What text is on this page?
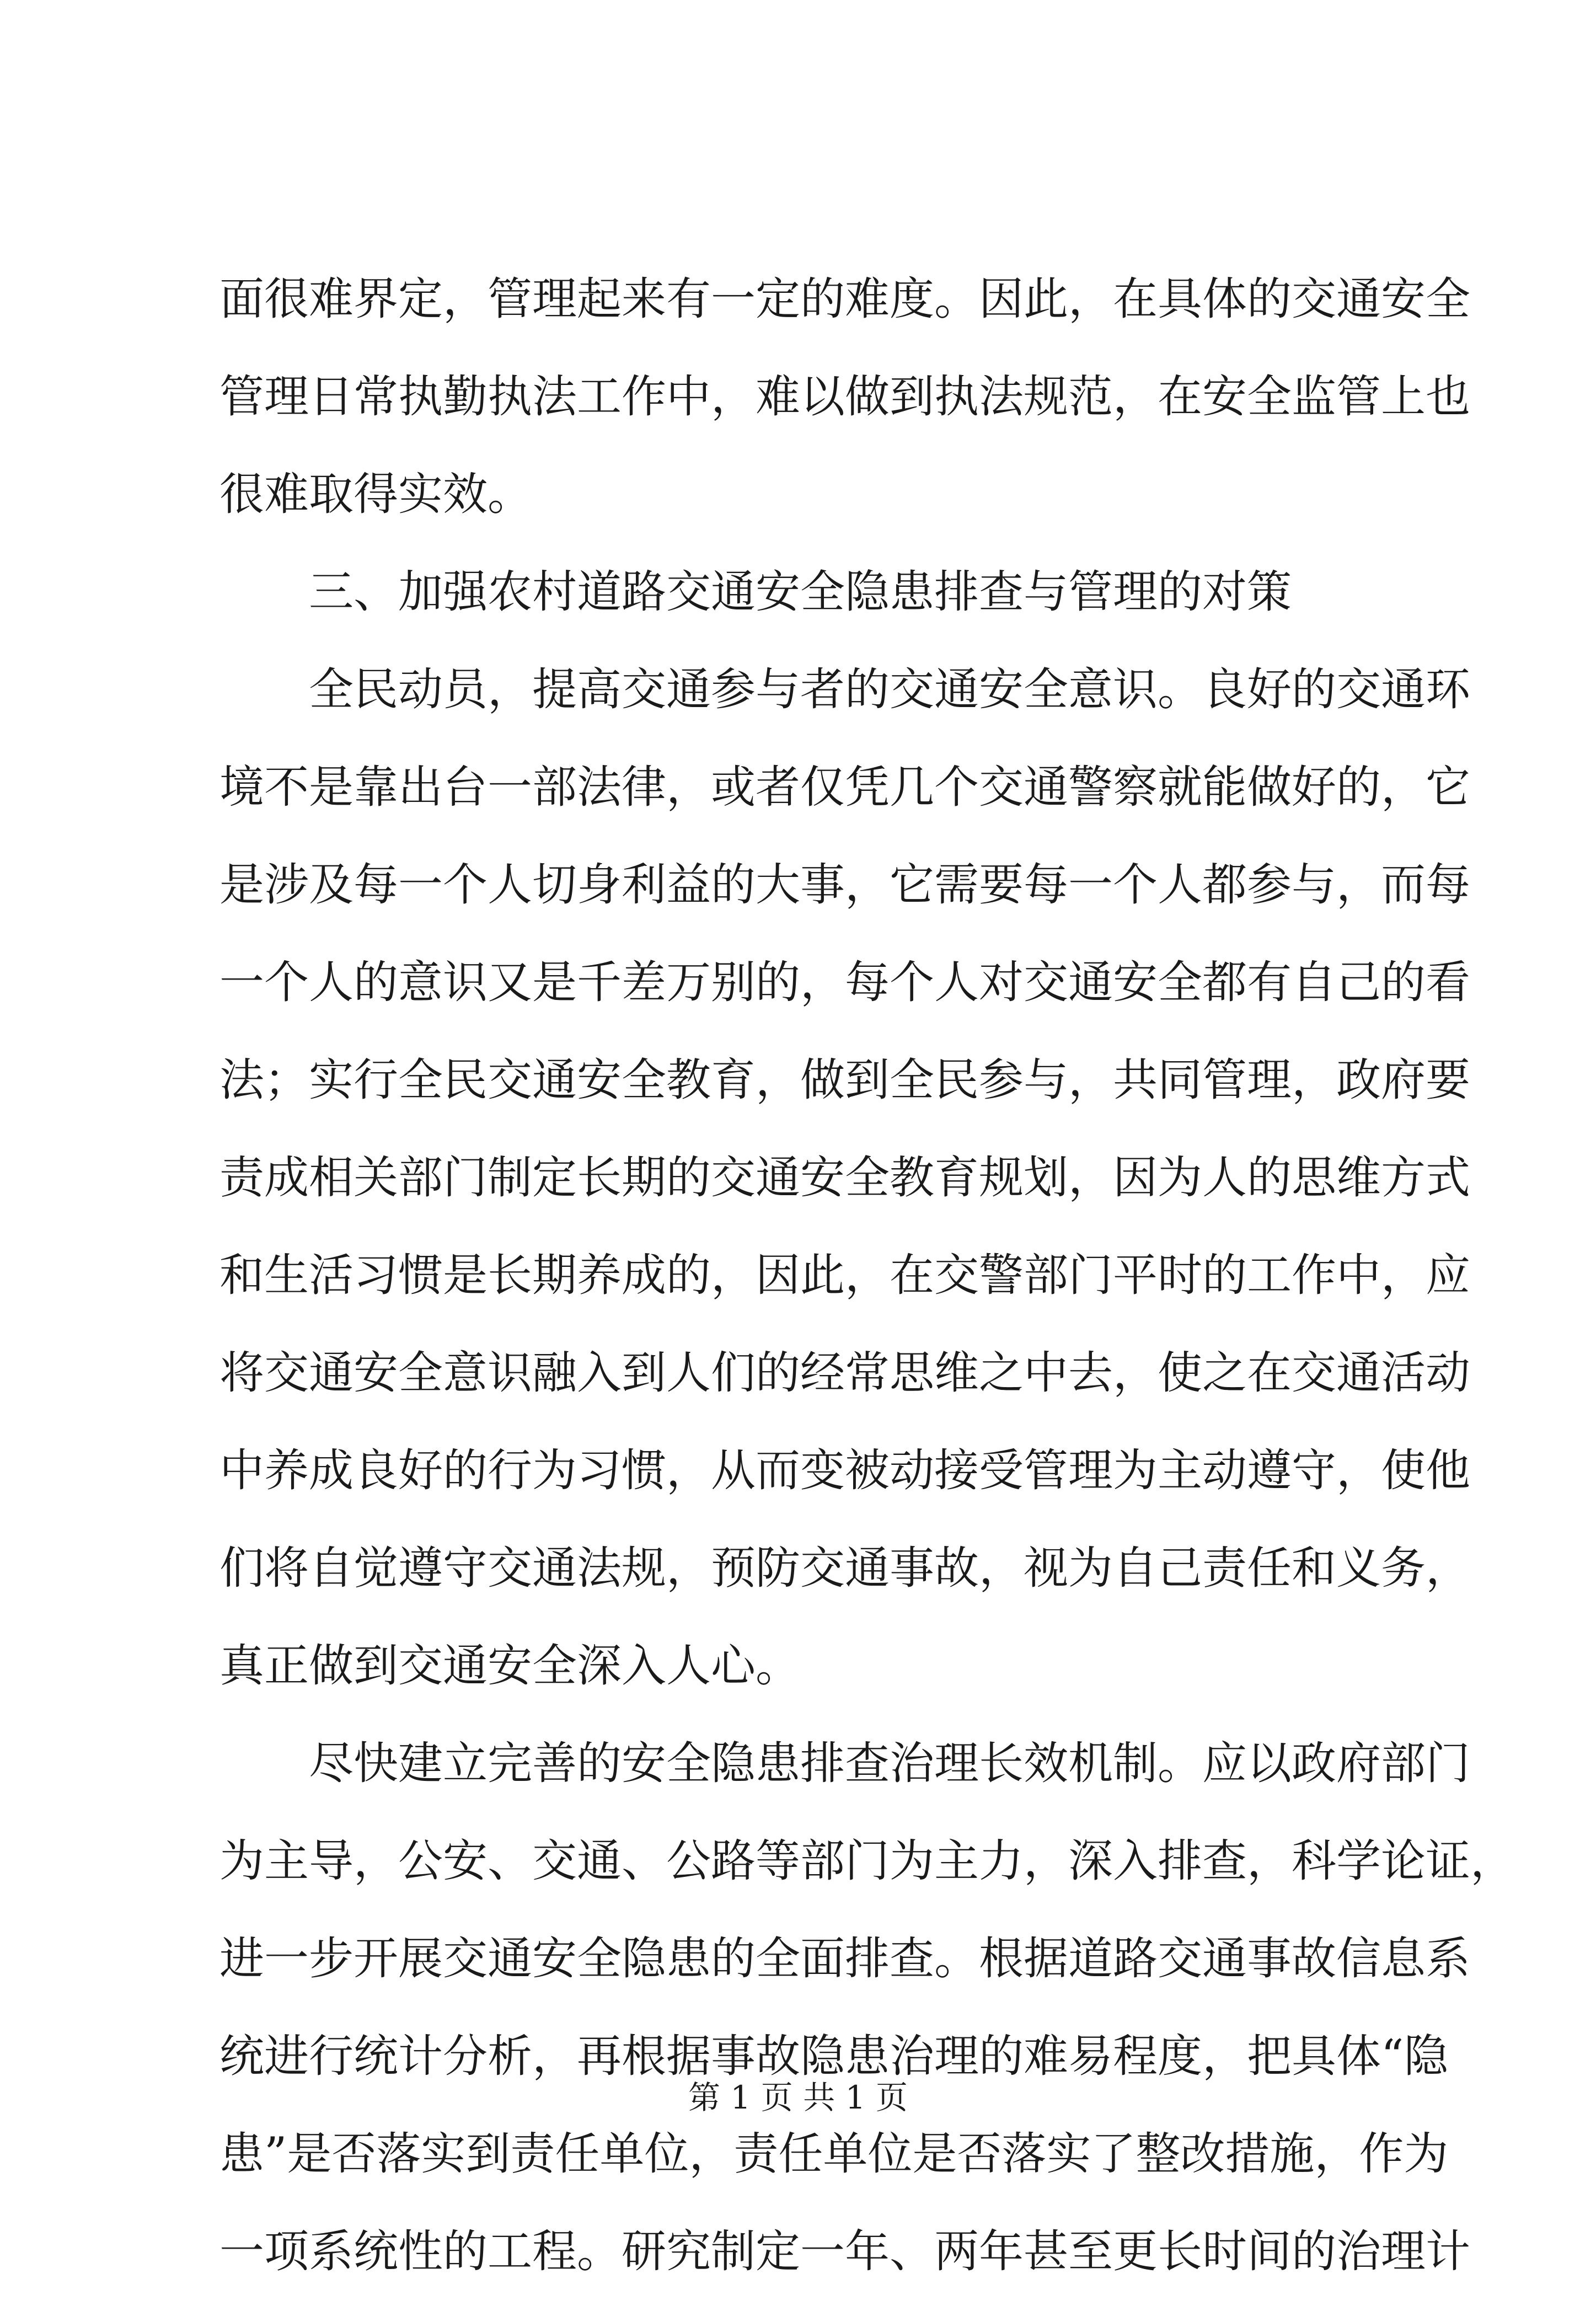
面很难界定，管理起来有一定的难度。因此，在具体的交通安全
管理日常执勤执法工作中，难以做到执法规范，在安全监管上也
很难取得实效。
三、加强农村道路交通安全隐患排查与管理的对策
全民动员，提高交通参与者的交通安全意识。良好的交通环
境不是靠出台一部法律，或者仅凭几个交通警察就能做好的，它
是涉及每一个人切身利益的大事，它需要每一个人都参与，而每
一个人的意识又是千差万别的，每个人对交通安全都有自己的看
法；实行全民交通安全教育，做到全民参与，共同管理，政府要
责成相关部门制定长期的交通安全教育规划，因为人的思维方式
和生活习惯是长期养成的，因此，在交警部门平时的工作中，应
将交通安全意识融入到人们的经常思维之中去，使之在交通活动
中养成良好的行为习惯，从而变被动接受管理为主动遵守，使他
们将自觉遵守交通法规，预防交通事故，视为自己责任和义务，
真正做到交通安全深入人心。
尽快建立完善的安全隐患排查治理长效机制。应以政府部门
为主导，公安、交通、公路等部门为主力，深入排查，科学论证，
进一步开展交通安全隐患的全面排查。根据道路交通事故信息系
统进行统计分析，再根据事故隐患治理的难易程度，把具体“隐
患”是否落实到责任单位，责任单位是否落实了整改措施，作为
一项系统性的工程。研究制定一年、两年甚至更长时间的治理计
第 1 页 共 1 页
